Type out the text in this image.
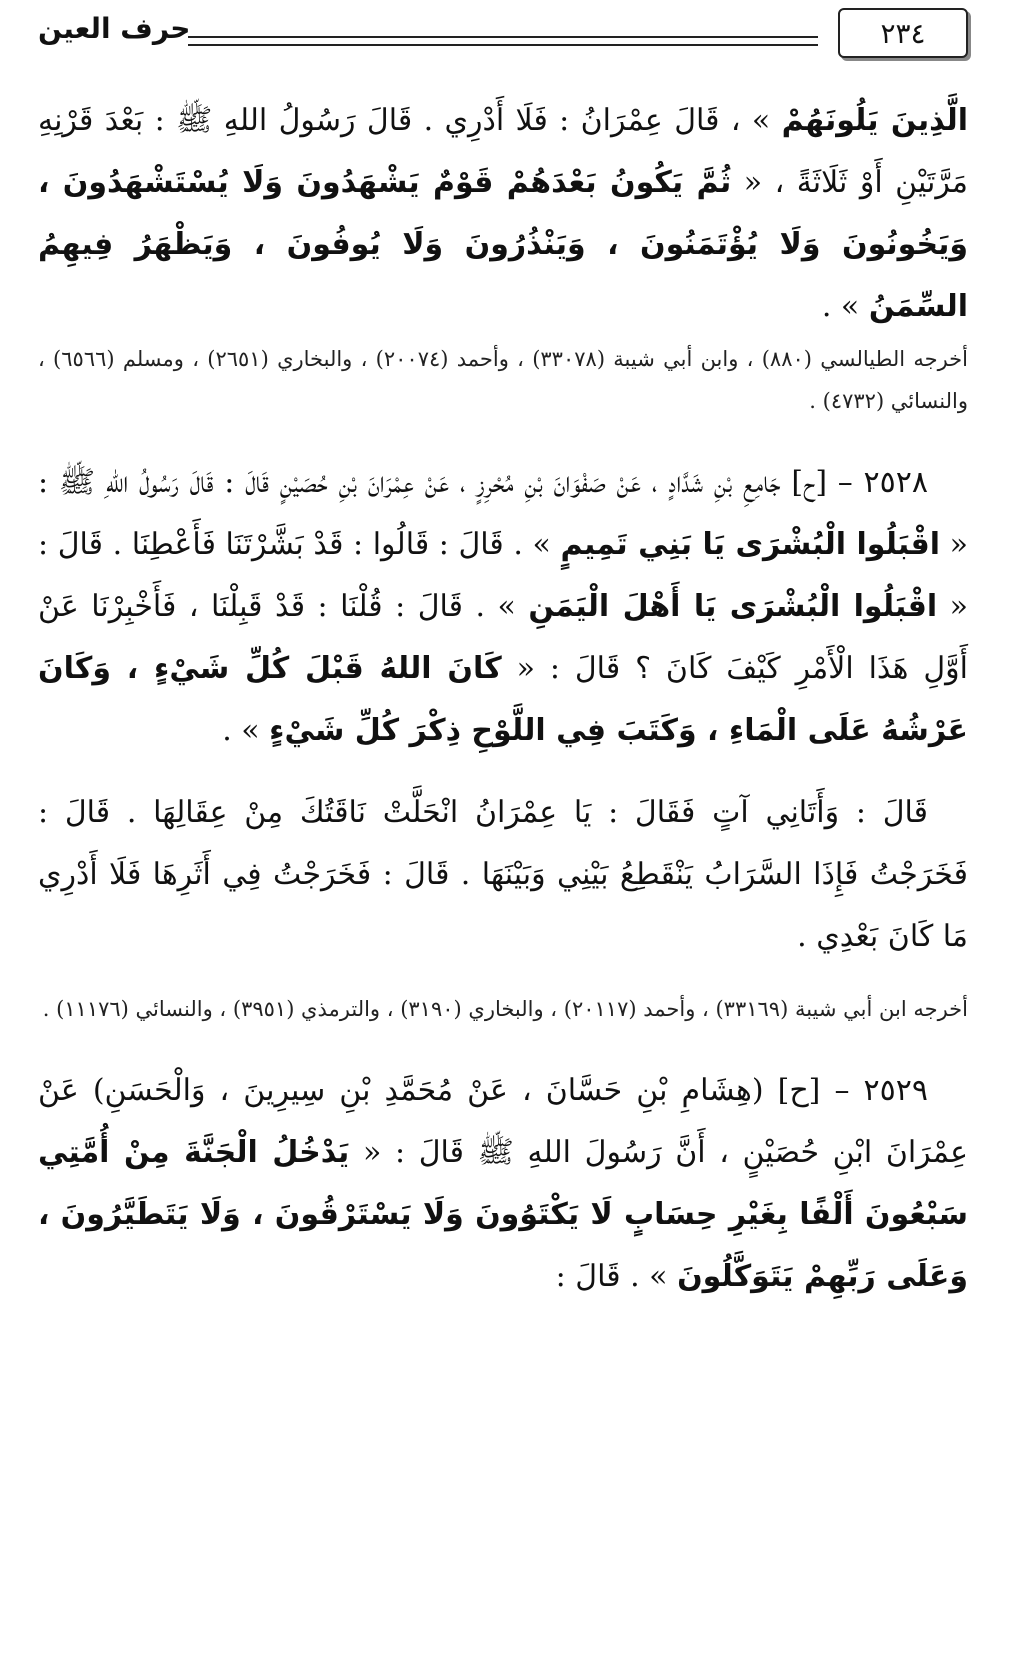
٢٣٤
حرف العين

الَّذِينَ يَلُونَهُمْ » ، قَالَ عِمْرَانُ : فَلَا أَدْرِي . قَالَ رَسُولُ اللهِ ﷺ : بَعْدَ قَرْنِهِ مَرَّتَيْنِ أَوْ ثَلَاثَةً ، « ثُمَّ يَكُونُ بَعْدَهُمْ قَوْمٌ يَشْهَدُونَ وَلَا يُسْتَشْهَدُونَ ، وَيَخُونُونَ وَلَا يُؤْتَمَنُونَ ، وَيَنْذُرُونَ وَلَا يُوفُونَ ، وَيَظْهَرُ فِيهِمُ السِّمَنُ » .

أخرجه الطيالسي (٨٨٠) ، وابن أبي شيبة (٣٣٠٧٨) ، وأحمد (٢٠٠٧٤) ، والبخاري (٢٦٥١) ، ومسلم (٦٥٦٦) ، والنسائي (٤٧٣٢) .

٢٥٢٨ – [ح] جَامِعِ بْنِ شَدَّادٍ ، عَنْ صَفْوَانَ بْنِ مُحْرِزٍ ، عَنْ عِمْرَانَ بْنِ حُصَيْنٍ قَالَ : قَالَ رَسُولُ اللهِ ﷺ : « اقْبَلُوا الْبُشْرَى يَا بَنِي تَمِيمٍ » . قَالَ : قَالُوا : قَدْ بَشَّرْتَنَا فَأَعْطِنَا . قَالَ : « اقْبَلُوا الْبُشْرَى يَا أَهْلَ الْيَمَنِ » . قَالَ : قُلْنَا : قَدْ قَبِلْنَا ، فَأَخْبِرْنَا عَنْ أَوَّلِ هَذَا الْأَمْرِ كَيْفَ كَانَ ؟ قَالَ : « كَانَ اللهُ قَبْلَ كُلِّ شَيْءٍ ، وَكَانَ عَرْشُهُ عَلَى الْمَاءِ ، وَكَتَبَ فِي اللَّوْحِ ذِكْرَ كُلِّ شَيْءٍ » .

قَالَ : وَأَتَانِي آتٍ فَقَالَ : يَا عِمْرَانُ انْحَلَّتْ نَاقَتُكَ مِنْ عِقَالِهَا . قَالَ : فَخَرَجْتُ فَإِذَا السَّرَابُ يَنْقَطِعُ بَيْنِي وَبَيْنَهَا . قَالَ : فَخَرَجْتُ فِي أَثَرِهَا فَلَا أَدْرِي مَا كَانَ بَعْدِي .

أخرجه ابن أبي شيبة (٣٣١٦٩) ، وأحمد (٢٠١١٧) ، والبخاري (٣١٩٠) ، والترمذي (٣٩٥١) ، والنسائي (١١١٧٦) .

٢٥٢٩ – [ح] (هِشَامِ بْنِ حَسَّانَ ، عَنْ مُحَمَّدِ بْنِ سِيرِينَ ، وَالْحَسَنِ) عَنْ عِمْرَانَ ابْنِ حُصَيْنٍ ، أَنَّ رَسُولَ اللهِ ﷺ قَالَ : « يَدْخُلُ الْجَنَّةَ مِنْ أُمَّتِي سَبْعُونَ أَلْفًا بِغَيْرِ حِسَابٍ لَا يَكْتَوُونَ وَلَا يَسْتَرْقُونَ ، وَلَا يَتَطَيَّرُونَ ، وَعَلَى رَبِّهِمْ يَتَوَكَّلُونَ » . قَالَ :
